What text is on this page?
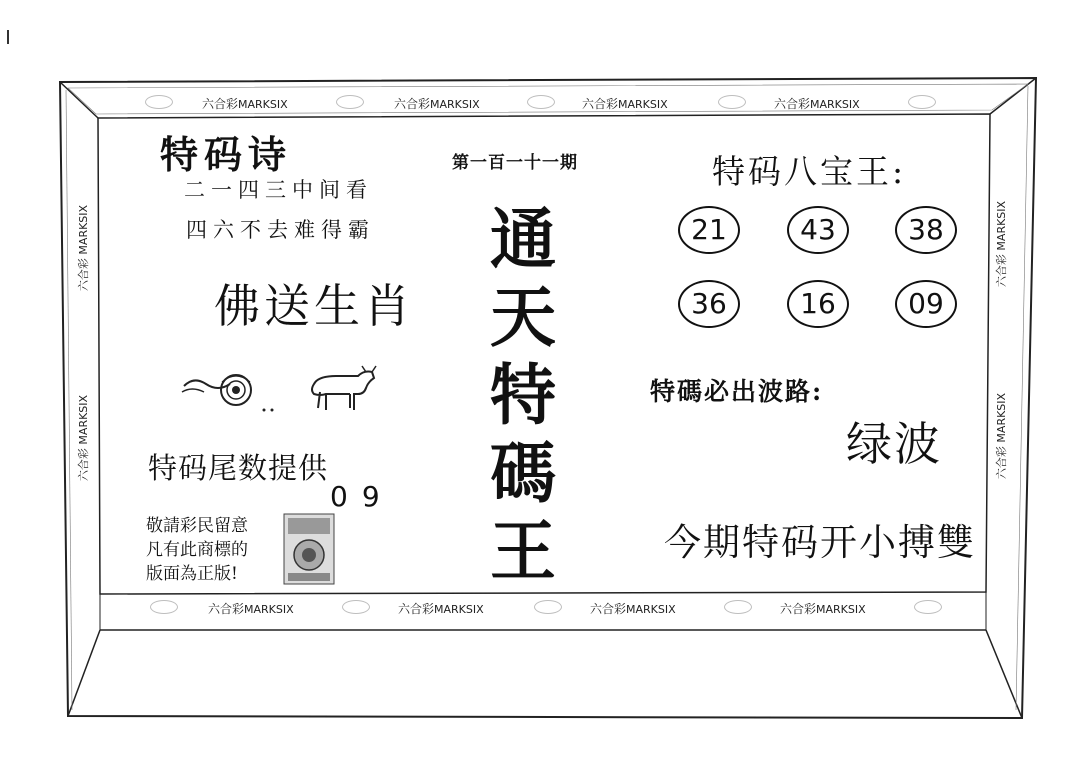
六合彩MARKSIX	六合彩MARKSIX	六合彩MARKSIX	六合彩MARKSIX
六合彩MARKSIX	六合彩MARKSIX	六合彩MARKSIX	六合彩MARKSIX
六合彩 MARKSIX
六合彩 MARKSIX
六合彩 MARKSIX
六合彩 MARKSIX
特码诗
二一四三中间看
四六不去难得霸
佛送生肖
特码尾数提供
09
敬請彩民留意
凡有此商標的
版面為正版!
第一百一十一期
通
天
特
碼
王
特码八宝王:
21	43	38
36	16	09
特碼必出波路:
绿波
今期特码开小搏雙
